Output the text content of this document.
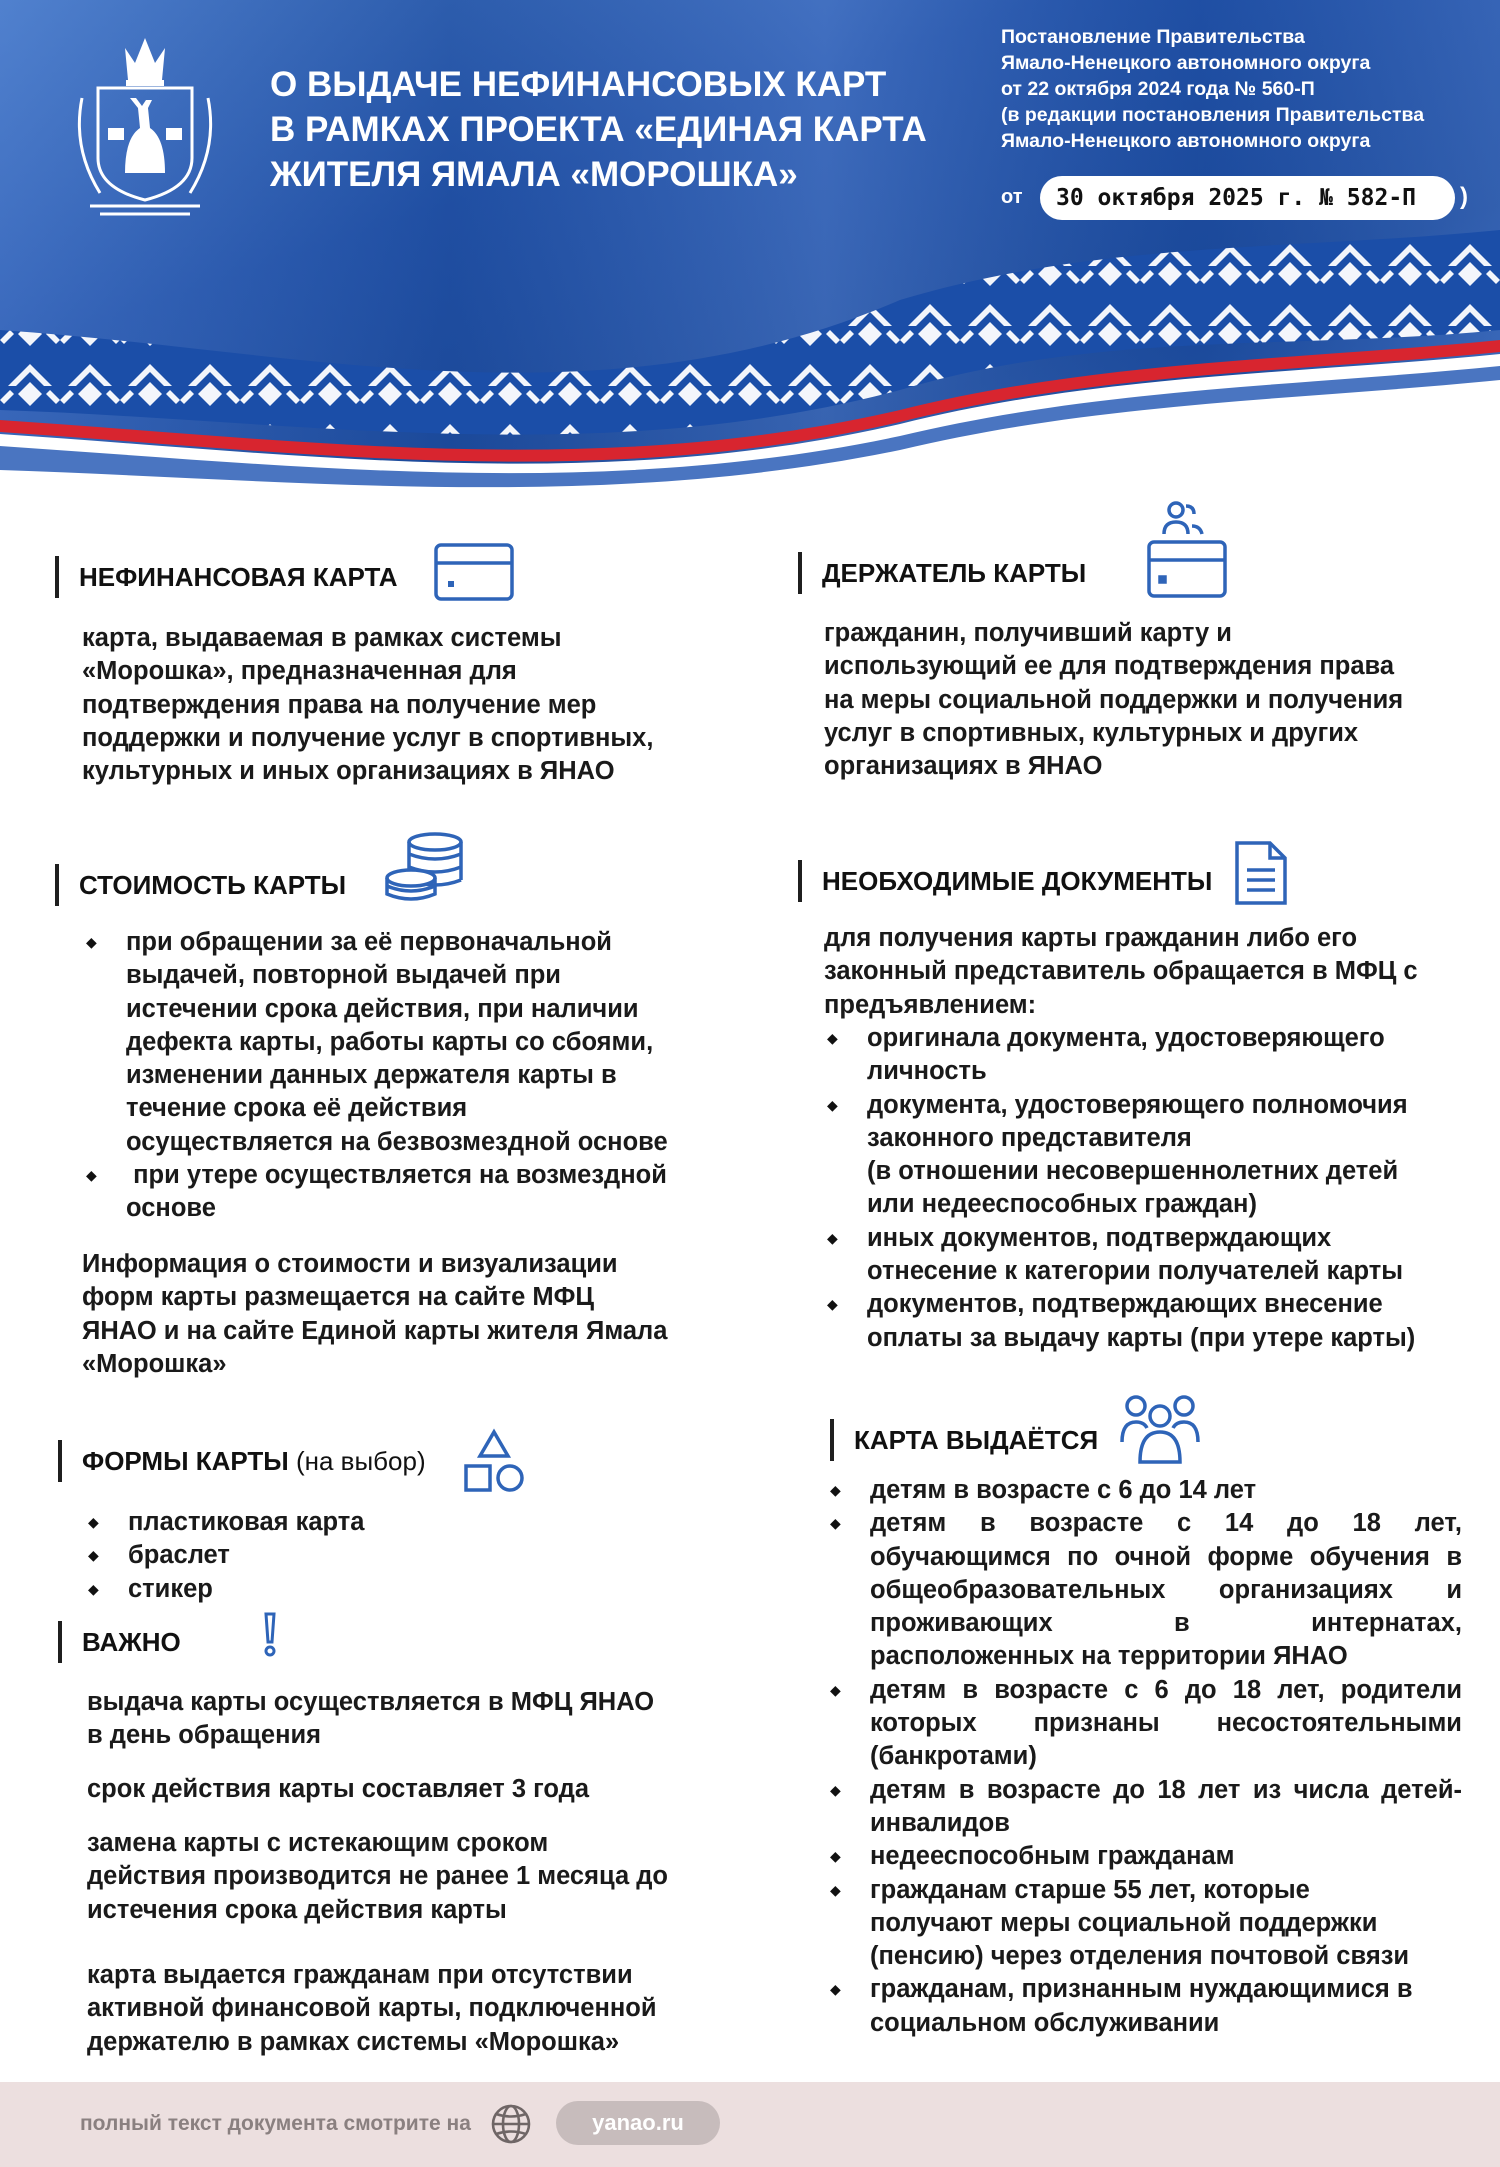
О ВЫДАЧЕ НЕФИНАНСОВЫХ КАРТ
В РАМКАХ ПРОЕКТА «ЕДИНАЯ КАРТА
ЖИТЕЛЯ ЯМАЛА «МОРОШКА»
Постановление Правительства
Ямало-Ненецкого автономного округа
от 22 октября 2024 года № 560-П
(в редакции постановления Правительства
Ямало-Ненецкого автономного округа
от	30 октября 2025 г. № 582-П	)
НЕФИНАНСОВАЯ КАРТА

карта, выдаваемая в рамках системы

«Морошка», предназначенная для

подтверждения права на получение мер

поддержки и получение услуг в спортивных,

культурных и иных организациях в ЯНАО

СТОИМОСТЬ КАРТЫ

◆ при обращении за её первоначальной

выдачей, повторной выдачей при

истечении срока действия, при наличии

дефекта карты, работы карты со сбоями,

изменении данных держателя карты в

течение срока её действия

осуществляется на безвозмездной основе

◆  при утере осуществляется на возмездной

основе

Информация о стоимости и визуализации

форм карты размещается на сайте МФЦ

ЯНАО и на сайте Единой карты жителя Ямала

«Морошка»

ФОРМЫ КАРТЫ (на выбор)

◆ пластиковая карта

◆ браслет

◆ стикер

ВАЖНО

выдача карты осуществляется в МФЦ ЯНАО

в день обращения

срок действия карты составляет 3 года

замена карты с истекающим сроком

действия производится не ранее 1 месяца до

истечения срока действия карты

карта выдается гражданам при отсутствии

активной финансовой карты, подключенной

держателю в рамках системы «Морошка»

ДЕРЖАТЕЛЬ КАРТЫ

гражданин, получивший карту и

использующий ее для подтверждения права

на меры социальной поддержки и получения

услуг в спортивных, культурных и других

организациях в ЯНАО

НЕОБХОДИМЫЕ ДОКУМЕНТЫ

для получения карты гражданин либо его

законный представитель обращается в МФЦ с

предъявлением:

◆ оригинала документа, удостоверяющего

личность

◆ документа, удостоверяющего полномочия

законного представителя

(в отношении несовершеннолетних детей

или недееспособных граждан)

◆ иных документов, подтверждающих

отнесение к категории получателей карты

◆ документов, подтверждающих внесение

оплаты за выдачу карты (при утере карты)

КАРТА ВЫДАЁТСЯ

◆ детям в возрасте с 6 до 14 лет

◆ детям в возрасте с 14 до 18 лет,

обучающимся по очной форме обучения в

общеобразовательных организациях и

проживающих в интернатах,

расположенных на территории ЯНАО

◆ детям в возрасте с 6 до 18 лет, родители

которых признаны несостоятельными

(банкротами)

◆ детям в возрасте до 18 лет из числа детей-

инвалидов

◆ недееспособным гражданам

◆ гражданам старше 55 лет, которые

получают меры социальной поддержки

(пенсию) через отделения почтовой связи

◆ гражданам, признанным нуждающимися в

социальном обслуживании

полный текст документа смотрите на	yanao.ru
